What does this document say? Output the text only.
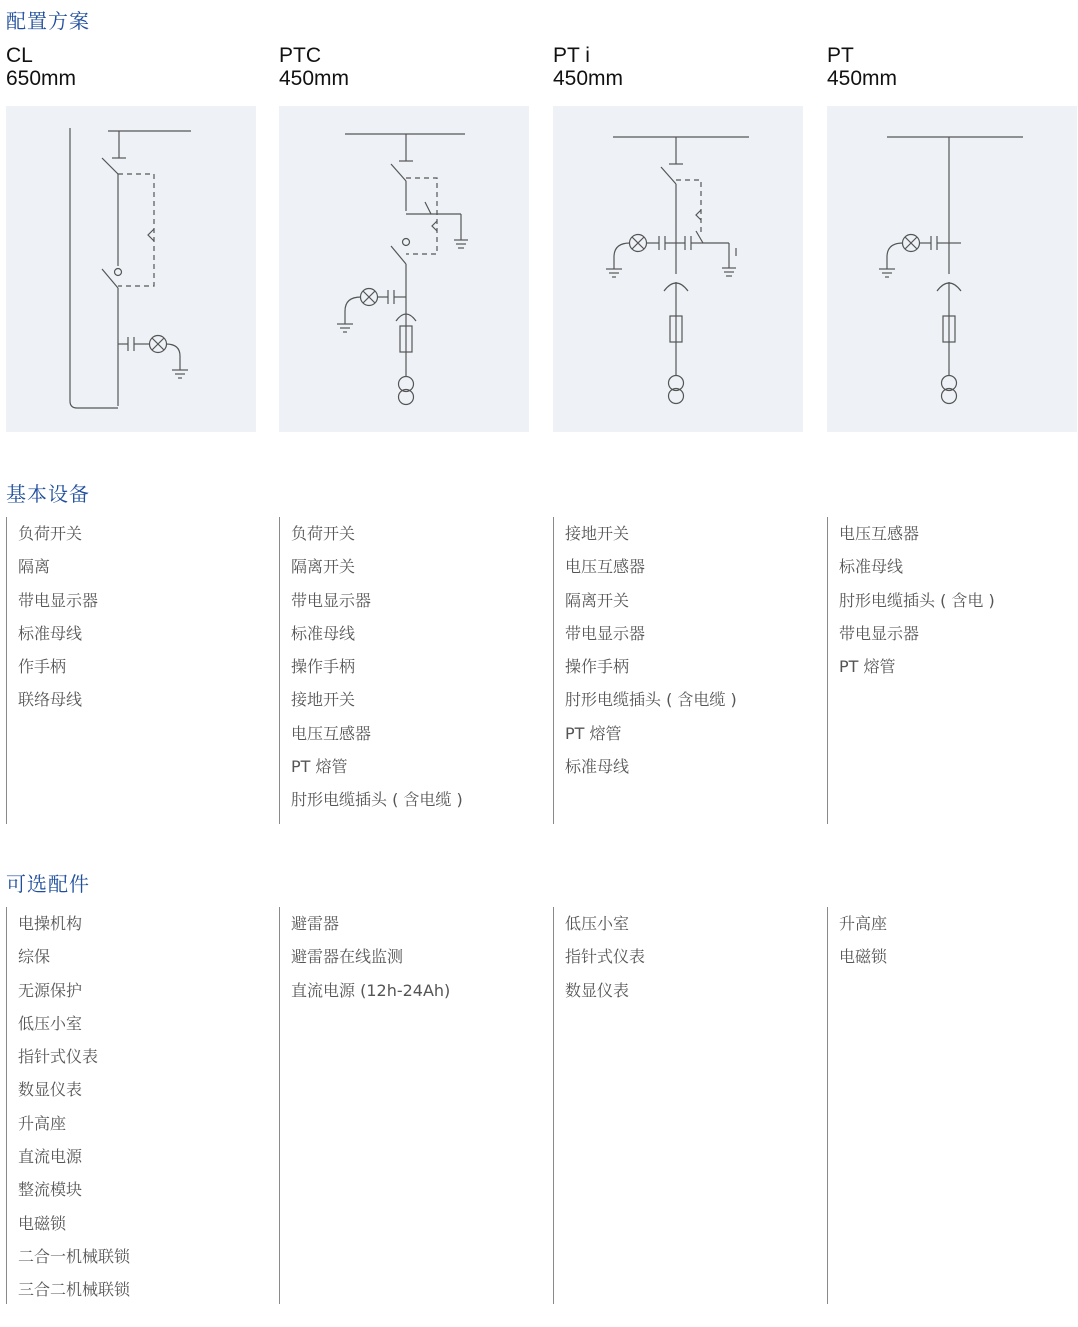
配置方案
CL
650mm
负荷开关
隔离
带电显示器
标准母线
作手柄
联络母线
电操机构
综保
无源保护
低压小室
指针式仪表
数显仪表
升高座
直流电源
整流模块
电磁锁
二合一机械联锁
三合二机械联锁
PTC
450mm
负荷开关
隔离开关
带电显示器
标准母线
操作手柄
接地开关
电压互感器
PT 熔管
肘形电缆插头 ( 含电缆 )
避雷器
避雷器在线监测
直流电源 (12h-24Ah)
PT i
450mm
接地开关
电压互感器
隔离开关
带电显示器
操作手柄
肘形电缆插头 ( 含电缆 )
PT 熔管
标准母线
低压小室
指针式仪表
数显仪表
PT
450mm
电压互感器
标准母线
肘形电缆插头 ( 含电 )
带电显示器
PT 熔管
升高座
电磁锁
基本设备
可选配件
